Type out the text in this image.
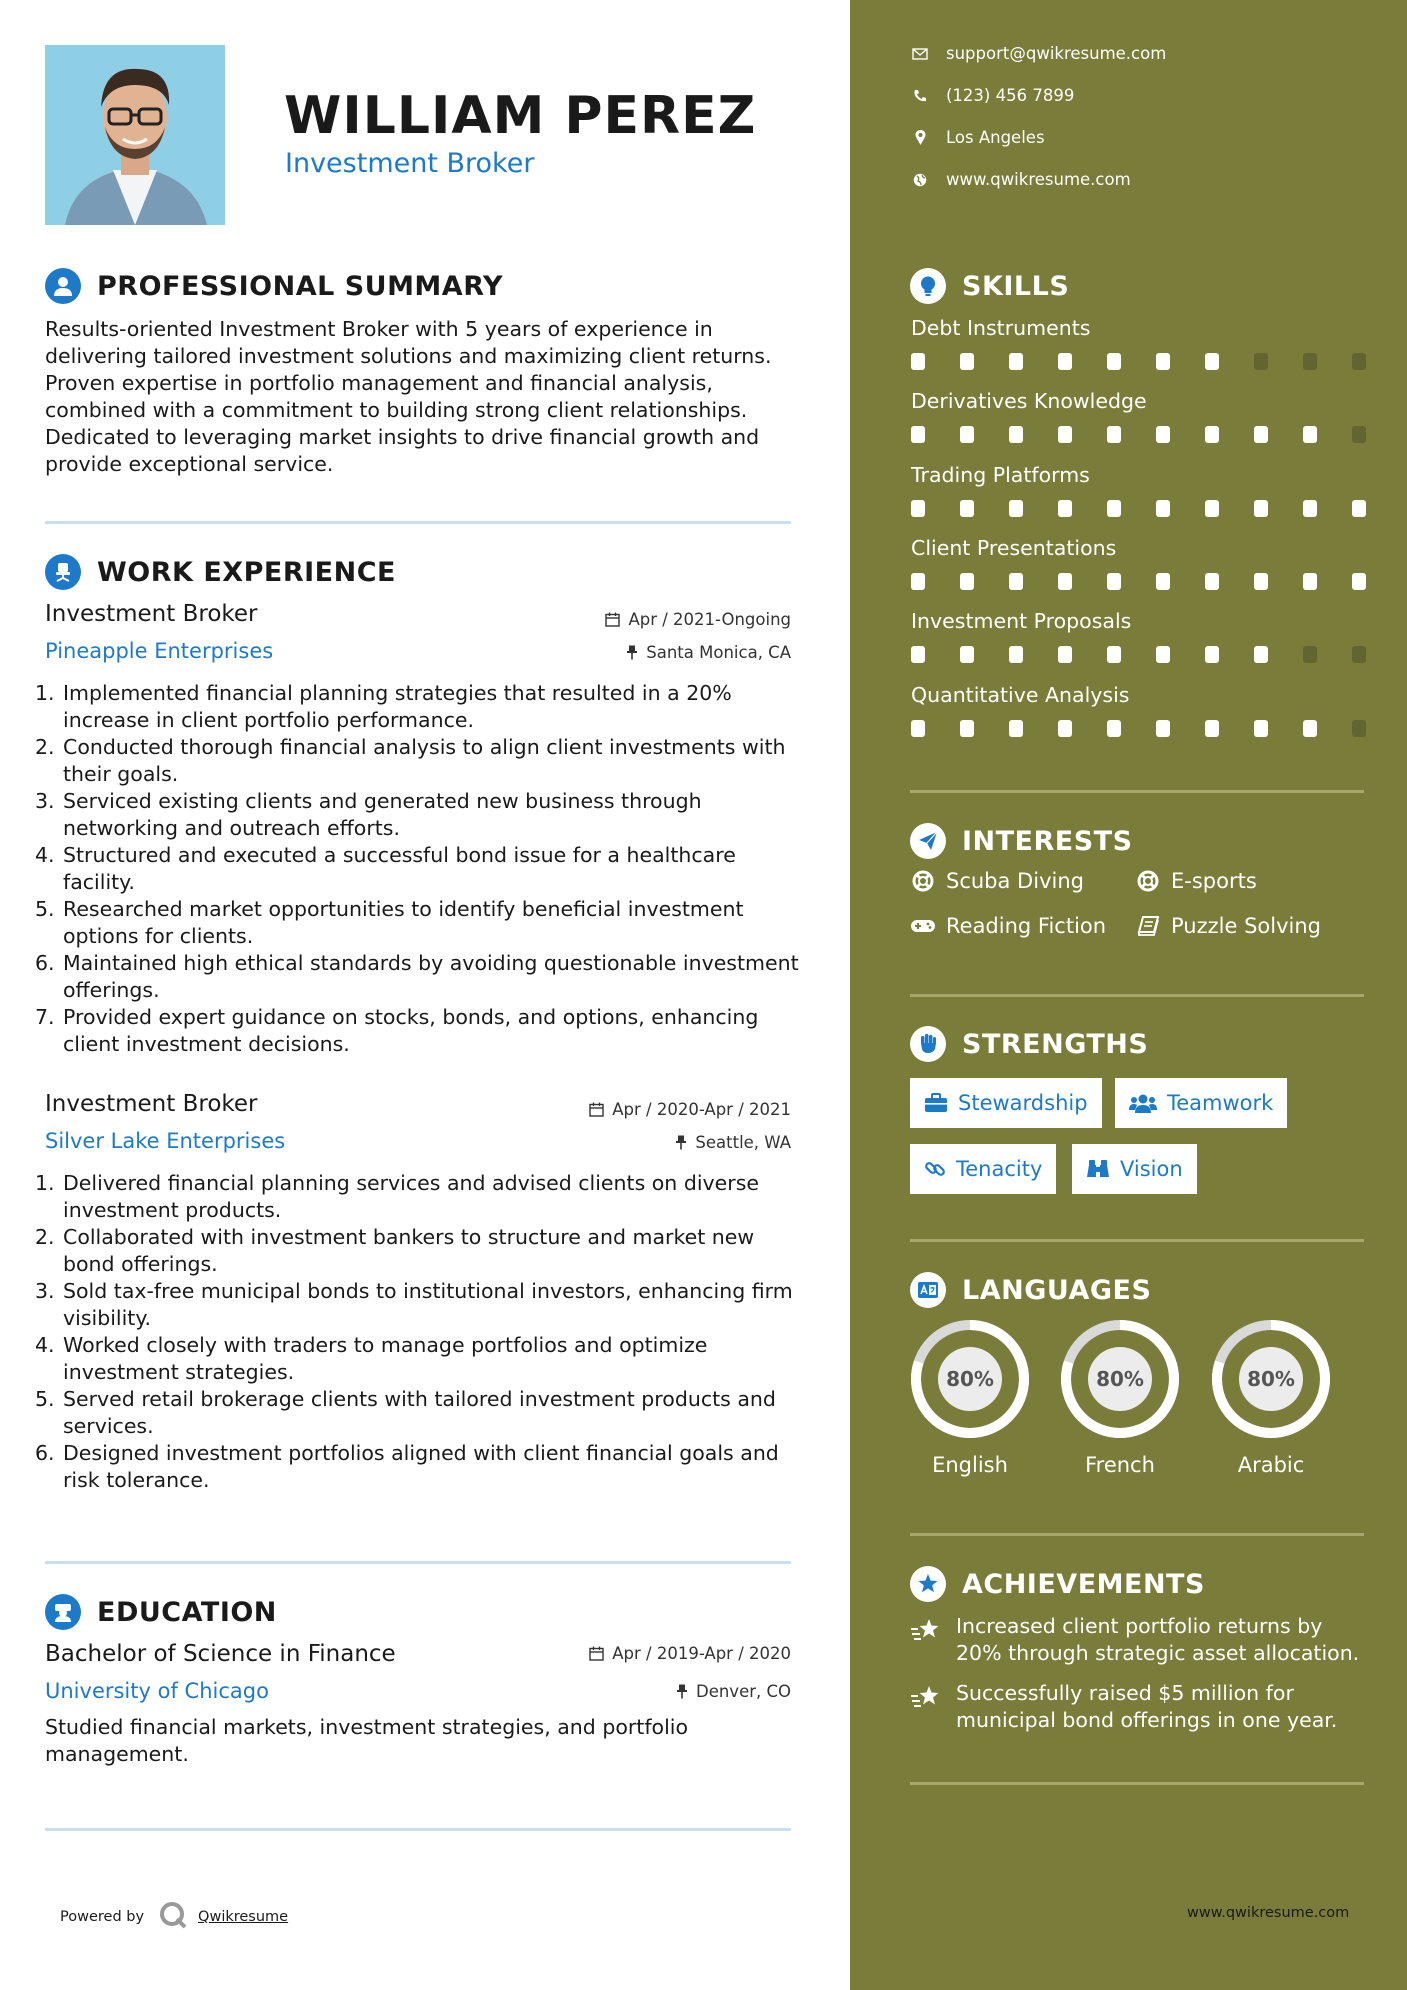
WILLIAM PEREZ
Investment Broker
PROFESSIONAL SUMMARY
Results-oriented Investment Broker with 5 years of experience in delivering tailored investment solutions and maximizing client returns. Proven expertise in portfolio management and financial analysis, combined with a commitment to building strong client relationships. Dedicated to leveraging market insights to drive financial growth and provide exceptional service.
WORK EXPERIENCE
Investment Broker
Pineapple Enterprises
Apr / 2021-Ongoing
Santa Monica, CA
1. Implemented financial planning strategies that resulted in a 20% increase in client portfolio performance.
2. Conducted thorough financial analysis to align client investments with their goals.
3. Serviced existing clients and generated new business through networking and outreach efforts.
4. Structured and executed a successful bond issue for a healthcare facility.
5. Researched market opportunities to identify beneficial investment options for clients.
6. Maintained high ethical standards by avoiding questionable investment offerings.
7. Provided expert guidance on stocks, bonds, and options, enhancing client investment decisions.
Investment Broker
Silver Lake Enterprises
Apr / 2020-Apr / 2021
Seattle, WA
1. Delivered financial planning services and advised clients on diverse investment products.
2. Collaborated with investment bankers to structure and market new bond offerings.
3. Sold tax-free municipal bonds to institutional investors, enhancing firm visibility.
4. Worked closely with traders to manage portfolios and optimize investment strategies.
5. Served retail brokerage clients with tailored investment products and services.
6. Designed investment portfolios aligned with client financial goals and risk tolerance.
EDUCATION
Bachelor of Science in Finance
University of Chicago
Apr / 2019-Apr / 2020
Denver, CO
Studied financial markets, investment strategies, and portfolio management.
Powered by	Qwikresume
support@qwikresume.com
(123) 456 7899
Los Angeles
www.qwikresume.com
SKILLS
Debt Instruments
Derivatives Knowledge
Trading Platforms
Client Presentations
Investment Proposals
Quantitative Analysis
INTERESTS
Scuba Diving	E-sports
Reading Fiction	Puzzle Solving
STRENGTHS
Stewardship	Teamwork
Tenacity	Vision
LANGUAGES
80%
English
80%
French
80%
Arabic
ACHIEVEMENTS
Increased client portfolio returns by 20% through strategic asset allocation.
Successfully raised $5 million for municipal bond offerings in one year.
www.qwikresume.com
